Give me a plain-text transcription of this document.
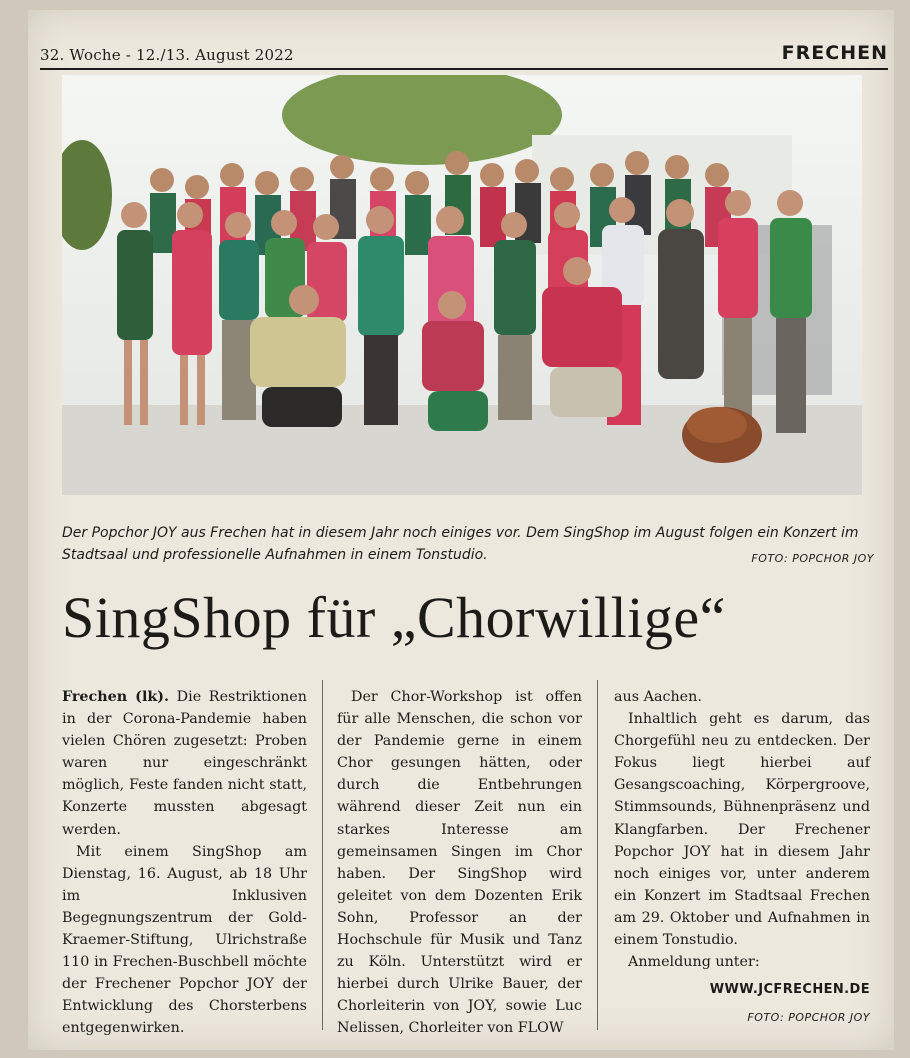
32. Woche - 12./13. August 2022	FRECHEN
Der Popchor JOY aus Frechen hat in diesem Jahr noch einiges vor. Dem SingShop im August folgen ein Konzert im Stadtsaal und professionelle Aufnahmen in einem Tonstudio.	FOTO: POPCHOR JOY
SingShop für „Chorwillige“

Frechen (lk). Die Restriktionen in der Corona-Pandemie haben vielen Chören zugesetzt: Proben waren nur eingeschränkt möglich, Feste fanden nicht statt, Konzerte mussten abgesagt werden.

Mit einem SingShop am Dienstag, 16. August, ab 18 Uhr im Inklusiven Begegnungszentrum der Gold-Kraemer-Stiftung, Ulrichstraße 110 in Frechen-Buschbell möchte der Frechener Popchor JOY der Entwicklung des Chorsterbens entgegenwirken.

Der Chor-Workshop ist offen für alle Menschen, die schon vor der Pandemie gerne in einem Chor gesungen hätten, oder durch die Entbehrungen während dieser Zeit nun ein starkes Interesse am gemeinsamen Singen im Chor haben. Der SingShop wird geleitet von dem Dozenten Erik Sohn, Professor an der Hochschule für Musik und Tanz zu Köln. Unterstützt wird er hierbei durch Ulrike Bauer, der Chorleiterin von JOY, sowie Luc Nelissen, Chorleiter von FLOW

aus Aachen.

Inhaltlich geht es darum, das Chorgefühl neu zu entdecken. Der Fokus liegt hierbei auf Gesangscoaching, Körpergroove, Stimmsounds, Bühnenpräsenz und Klangfarben. Der Frechener Popchor JOY hat in diesem Jahr noch einiges vor, unter anderem ein Konzert im Stadtsaal Frechen am 29. Oktober und Aufnahmen in einem Tonstudio.

Anmeldung unter:

WWW.JCFRECHEN.DE
FOTO: POPCHOR JOY
